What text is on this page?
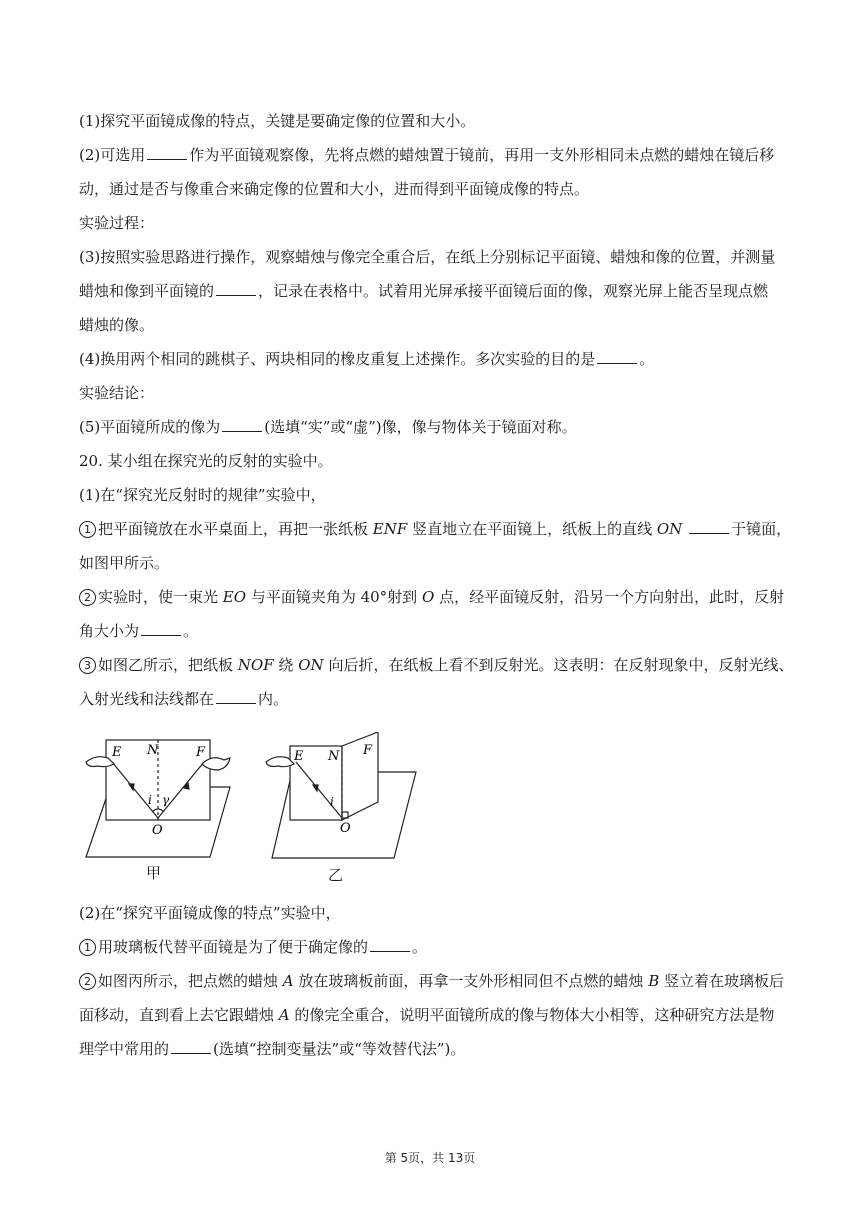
(1)探究平面镜成像的特点，关键是要确定像的位置和大小。
(2)可选用	作为平面镜观察像，先将点燃的蜡烛置于镜前，再用一支外形相同未点燃的蜡烛在镜后移
动，通过是否与像重合来确定像的位置和大小，进而得到平面镜成像的特点。
实验过程：
(3)按照实验思路进行操作，观察蜡烛与像完全重合后，在纸上分别标记平面镜、蜡烛和像的位置，并测量
蜡烛和像到平面镜的	，记录在表格中。试着用光屏承接平面镜后面的像，观察光屏上能否呈现点燃
蜡烛的像。
(4)换用两个相同的跳棋子、两块相同的橡皮重复上述操作。多次实验的目的是	。
实验结论：
(5)平面镜所成的像为	(选填“实”或“虚”)像，像与物体关于镜面对称。
20. 某小组在探究光的反射的实验中。
(1)在“探究光反射时的规律”实验中，
1 把平面镜放在水平桌面上，再把一张纸板 ENF 竖直地立在平面镜上，纸板上的直线 ON	于镜面，
如图甲所示。
2 实验时，使一束光 EO 与平面镜夹角为 40°射到 O 点，经平面镜反射，沿另一个方向射出，此时，反射
角大小为	。
3 如图乙所示，把纸板 NOF 绕 ON 向后折，在纸板上看不到反射光。这表明：在反射现象中，反射光线、
入射光线和法线都在	内。
E N	F
i γ
O
E N F
i
O
甲	乙
(2)在“探究平面镜成像的特点”实验中，
1 用玻璃板代替平面镜是为了便于确定像的	。
2 如图丙所示，把点燃的蜡烛 A 放在玻璃板前面，再拿一支外形相同但不点燃的蜡烛 B 竖立着在玻璃板后
面移动，直到看上去它跟蜡烛 A 的像完全重合，说明平面镜所成的像与物体大小相等，这种研究方法是物
理学中常用的	(选填“控制变量法”或“等效替代法”)。
第 5页，共 13页
